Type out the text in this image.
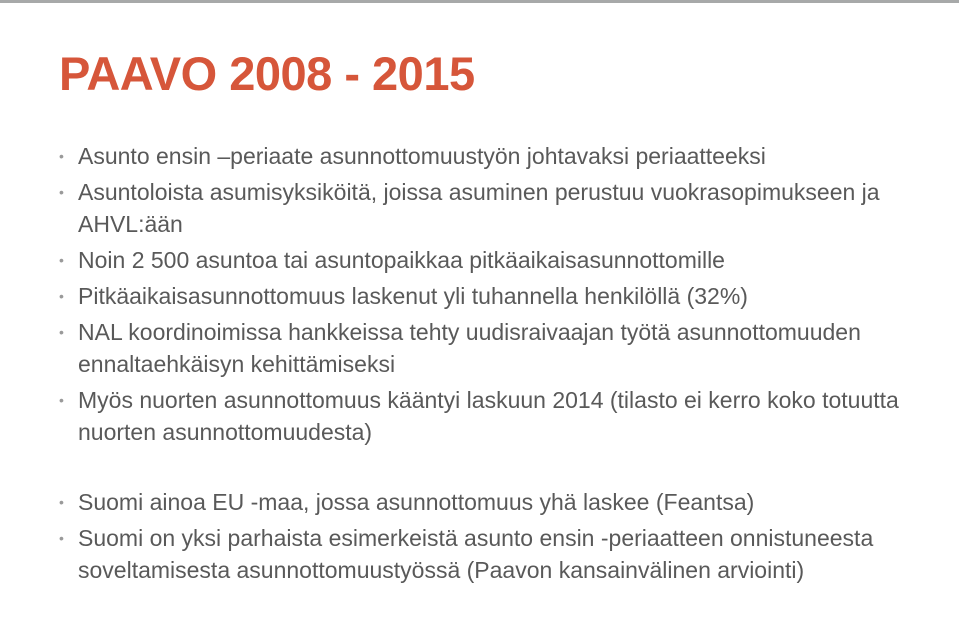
PAAVO 2008 - 2015
• Asunto ensin –periaate asunnottomuustyön johtavaksi periaatteeksi
• Asuntoloista asumisyksiköitä, joissa asuminen perustuu vuokrasopimukseen ja AHVL:ään
• Noin 2 500 asuntoa tai asuntopaikkaa pitkäaikaisasunnottomille
• Pitkäaikaisasunnottomuus laskenut yli tuhannella henkilöllä (32%)
• NAL koordinoimissa hankkeissa tehty uudisraivaajan työtä asunnottomuuden ennaltaehkäisyn kehittämiseksi
• Myös nuorten asunnottomuus kääntyi laskuun 2014 (tilasto ei kerro koko totuutta nuorten asunnottomuudesta)
• Suomi ainoa EU -maa, jossa asunnottomuus yhä laskee (Feantsa)
• Suomi on yksi parhaista esimerkeistä asunto ensin -periaatteen onnistuneesta soveltamisesta asunnottomuustyössä (Paavon kansainvälinen arviointi)
